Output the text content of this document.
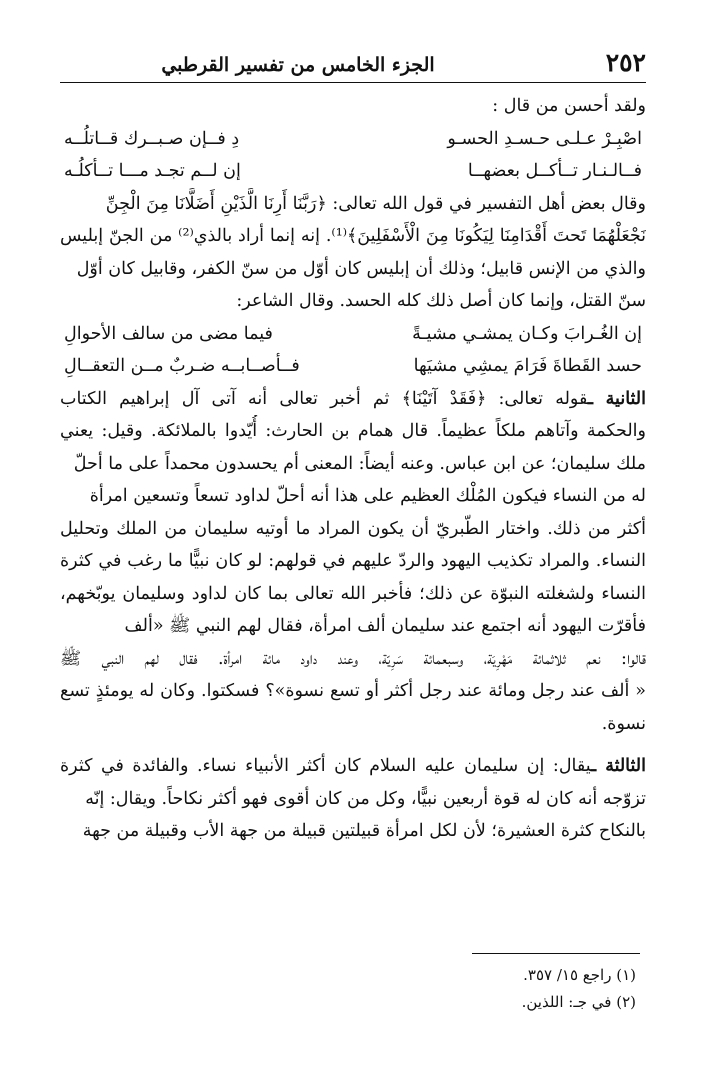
٢٥٢
الجزء الخامس من تفسير القرطبي
ولقد أحسن من قال :
اصْبِـرْ عـلـى حـسـدِ الحسـو
دِ فــإن صـبــرك قــاتلُــه
فــالـنـار تــأكــل بعضهــا
إن لــم تجـد مـــا تــأكلُـه
وقال بعض أهل التفسير في قول الله تعالى: ﴿رَبَّنَا أَرِنَا الَّذَيْنِ أَضَلَّانَا مِنَ الْجِنِّ
نَجْعَلْهُمَا تَحتَ أَقْدَامِنَا لِيَكُونَا مِنَ الْأَسْفَلِينَ﴾⁽¹⁾. إنه إنما أراد بالذي⁽²⁾ من الجنّ إبليس
والذي من الإنس قابيل؛ وذلك أن إبليس كان أوّل من سنّ الكفر، وقابيل كان أوّل
سنّ القتل، وإنما كان أصل ذلك كله الحسد. وقال الشاعر:
إن الغُـرابَ وكـان يمشـي مشيـةً
فيما مضى من سالف الأحوالِ
حسد القَطاةَ فَرَامَ يمشِي مشيَها
فــأصــابــه ضـربٌ مــن التعقــالِ
الثانية ـقوله تعالى: ﴿فَقَدْ آتَيْنَا﴾ ثم أخبر تعالى أنه آتى آل إبراهيم الكتاب
والحكمة وآتاهم ملكاً عظيماً. قال همام بن الحارث: أُيّدوا بالملائكة. وقيل: يعني
ملك سليمان؛ عن ابن عباس. وعنه أيضاً: المعنى أم يحسدون محمداً على ما أحلّ
له من النساء فيكون المُلْك العظيم على هذا أنه أحلّ لداود تسعاً وتسعين امرأة
أكثر من ذلك. واختار الطّبريّ أن يكون المراد ما أوتيه سليمان من الملك وتحليل
النساء. والمراد تكذيب اليهود والردّ عليهم في قولهم: لو كان نبيًّا ما رغب في كثرة
النساء ولشغلته النبوّة عن ذلك؛ فأخبر الله تعالى بما كان لداود وسليمان يوبّخهم،
فأقرّت اليهود أنه اجتمع عند سليمان ألف امرأة، فقال لهم النبي ﷺ «ألف
قالوا: نعم ثلاثمائة مَهْرِيَة، وسبعمائة سَرِيّة، وعند داود مائة امرأة. فقال لهم النبي ﷺ
« ألف عند رجل ومائة عند رجل أكثر أو تسع نسوة»؟ فسكتوا. وكان له يومئذٍ تسع
نسوة.
الثالثة ـيقال: إن سليمان عليه السلام كان أكثر الأنبياء نساء. والفائدة في كثرة
تزوّجه أنه كان له قوة أربعين نبيًّا، وكل من كان أقوى فهو أكثر نكاحاً. ويقال: إنّه
بالنكاح كثرة العشيرة؛ لأن لكل امرأة قبيلتين قبيلة من جهة الأب وقبيلة من جهة
(١) راجع ١٥/ ٣٥٧.
(٢) في جـ: اللذين.
